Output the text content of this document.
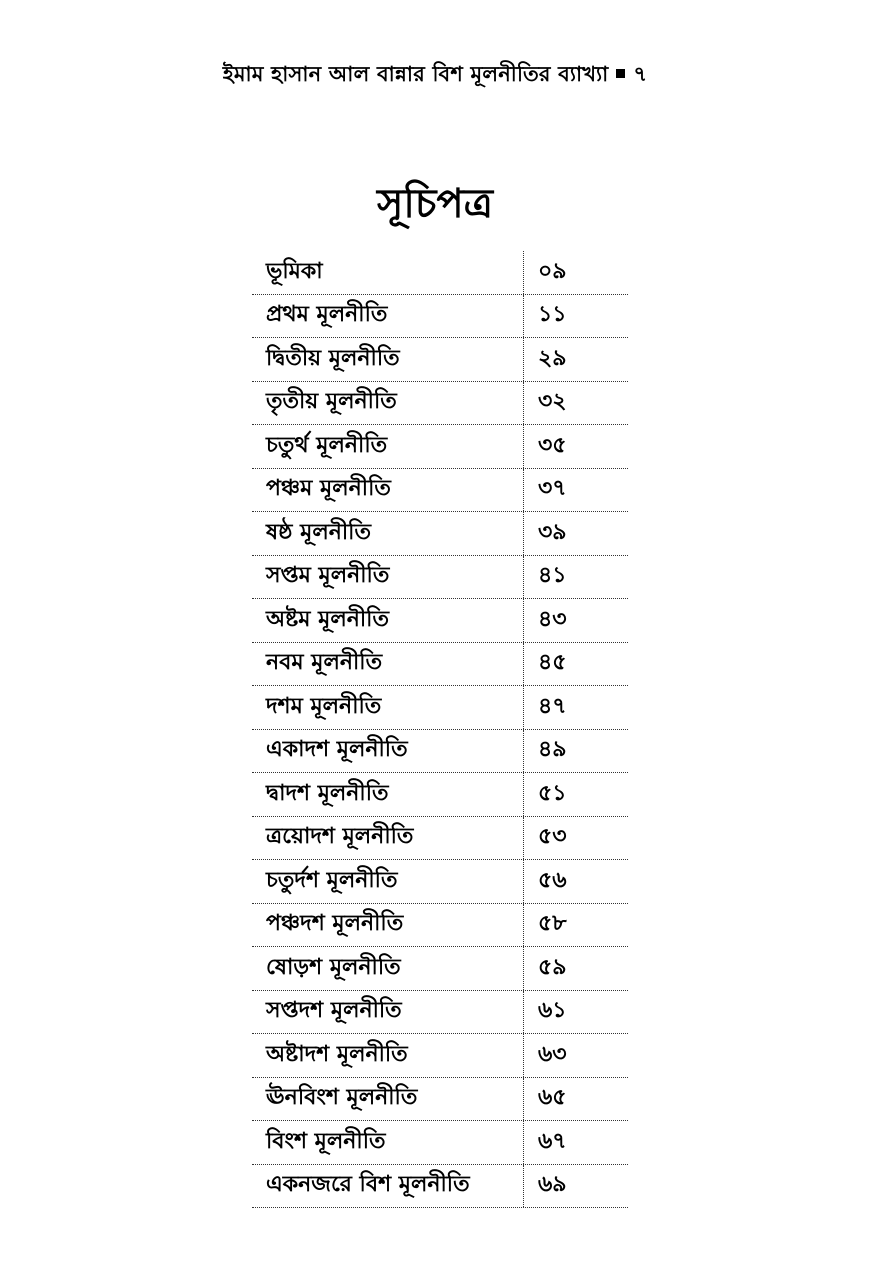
ইমাম হাসান আল বান্নার বিশ মূলনীতির ব্যাখ্যা ৭
সূচিপত্র
ভূমিকা	০৯
প্রথম মূলনীতি	১১
দ্বিতীয় মূলনীতি	২৯
তৃতীয় মূলনীতি	৩২
চতুর্থ মূলনীতি	৩৫
পঞ্চম মূলনীতি	৩৭
ষষ্ঠ মূলনীতি	৩৯
সপ্তম মূলনীতি	৪১
অষ্টম মূলনীতি	৪৩
নবম মূলনীতি	৪৫
দশম মূলনীতি	৪৭
একাদশ মূলনীতি	৪৯
দ্বাদশ মূলনীতি	৫১
ত্রয়োদশ মূলনীতি	৫৩
চতুর্দশ মূলনীতি	৫৬
পঞ্চদশ মূলনীতি	৫৮
ষোড়শ মূলনীতি	৫৯
সপ্তদশ মূলনীতি	৬১
অষ্টাদশ মূলনীতি	৬৩
ঊনবিংশ মূলনীতি	৬৫
বিংশ মূলনীতি	৬৭
একনজরে বিশ মূলনীতি	৬৯
